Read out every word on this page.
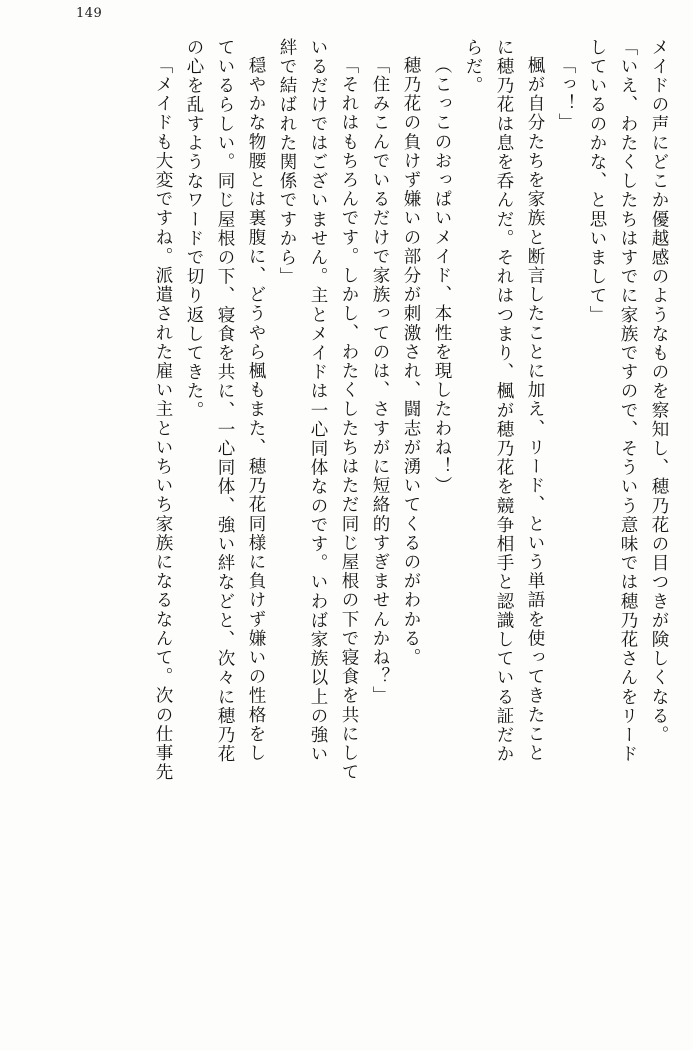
149
メイドの声にどこか優越感のようなものを察知し、穂乃花の目つきが険しくなる。
「いえ、わたくしたちはすでに家族ですので、そういう意味では穂乃花さんをリード
しているのかな、と思いまして」
「っ！」
楓が自分たちを家族と断言したことに加え、リード、という単語を使ってきたこと
に穂乃花は息を呑んだ。それはつまり、楓が穂乃花を競争相手と認識している証だか
らだ。
（こっこのおっぱいメイド、本性を現したわね！）
穂乃花の負けず嫌いの部分が刺激され、闘志が湧いてくるのがわかる。
「住みこんでいるだけで家族ってのは、さすがに短絡的すぎませんかね？」
「それはもちろんです。しかし、わたくしたちはただ同じ屋根の下で寝食を共にして
いるだけではございません。主とメイドは一心同体なのです。いわば家族以上の強い
絆で結ばれた関係ですから」
穏やかな物腰とは裏腹に、どうやら楓もまた、穂乃花同様に負けず嫌いの性格をし
ているらしい。同じ屋根の下、寝食を共に、一心同体、強い絆などと、次々に穂乃花
の心を乱すようなワードで切り返してきた。
「メイドも大変ですね。派遣された雇い主といちいち家族になるなんて。次の仕事先
